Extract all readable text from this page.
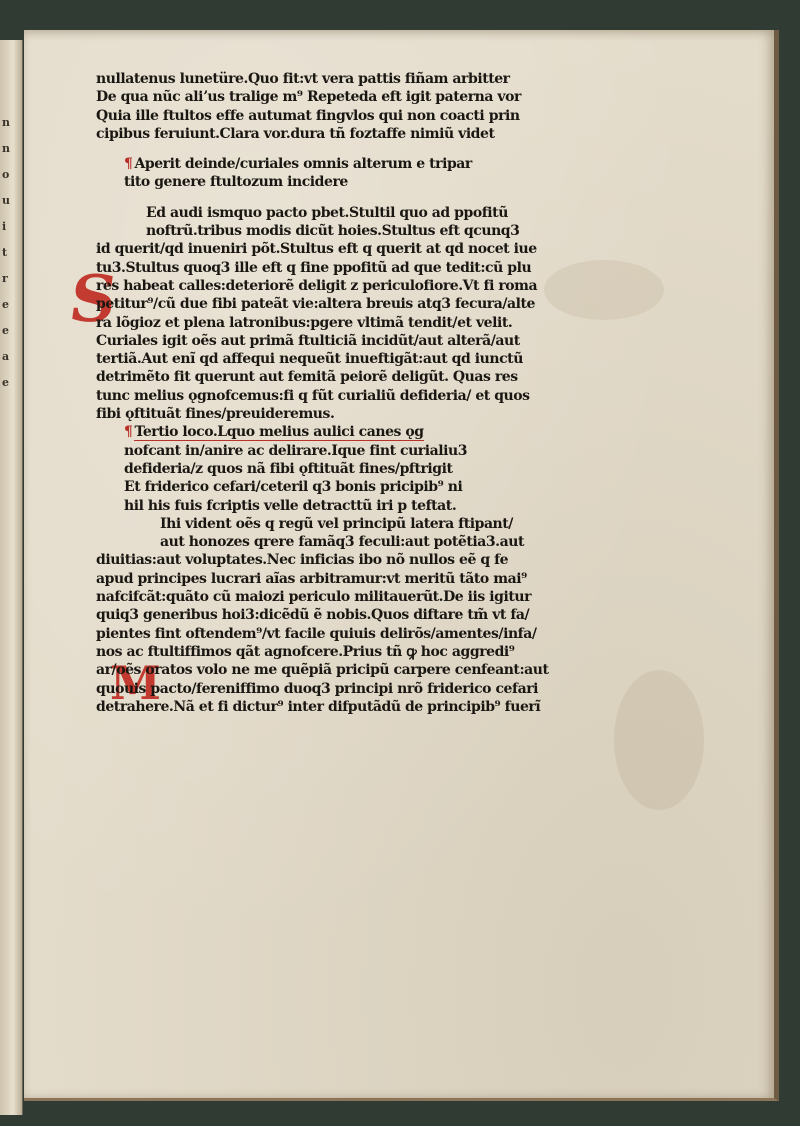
n
n
o
u
i
t
r
e
e
a
e
S
M
nullatenus lunetüre.Quo fit:vt vera pattis fiñam arbitter
De qua nũc aliʼus tralige m⁹ Repeteda eft igit paterna vor
Quia ille ftultos effe autumat fingvlos qui non coacti prin
cipibus feruiunt.Clara vor.dura tñ foztaffe nimiũ videt
¶ Aperit deinde/curiales omnis alterum e tripar
tito genere ftultozum incidere
Ed audi ismquo pacto pbet.Stultil quo ad ppofitũ
noftrũ.tribus modis dicũt hoies.Stultus eft qcunq3
id querit/qd inueniri põt.Stultus eft q querit at qd nocet iue
tu3.Stultus quoq3 ille eft q fine ppofitũ ad que tedit:cũ plu
res habeat calles:deteriorẽ deligit z periculofiore.Vt fi roma
petitur⁹/cũ due fibi pateãt vie:altera breuis atq3 fecura/alte
ra lõgioz et plena latronibus:pgere vltimã tendit/et velit.
Curiales igit oẽs aut primã ftulticiã incidũt/aut alterã/aut
tertiã.Aut enĩ qd affequi nequeũt inueftigãt:aut qd iunctũ
detrimẽto fit querunt aut femitã peiorẽ deligũt. Quas res
tunc melius ǫgnofcemus:fi q fũt curialiũ defideria/ et quos
fibi ǫftituãt fines/preuideremus.
¶ Tertio loco.Lquo melius aulici canes ǫg
nofcant in/anire ac delirare.Ique fint curialiu3
defideria/z quos nã fibi ǫftituãt fines/pftrigit
Et friderico cefari/ceteril q3 bonis pricipib⁹ ni
hil his fuis fcriptis velle detracttũ iri p teftat.
Ihi vident oẽs q regũ vel principũ latera ftipant/
aut honozes qrere famãq3 feculi:aut potẽtia3.aut
diuitias:aut voluptates.Nec inficias ibo nõ nullos eẽ q fe
apud principes lucrari aĩas arbitramur:vt meritũ tãto mai⁹
nafcifcãt:quãto cũ maiozi periculo militauerũt.De iis igitur
quiq3 generibus hoi3:dicẽdũ ẽ nobis.Quos diftare tm̃ vt fa/
pientes fint oftendem⁹/vt facile quiuis delirõs/amentes/infa/
nos ac ftultiffimos qãt agnofcere.Prius tñ ꝙ hoc aggredi⁹
ar/oẽs oratos volo ne me quẽpiã pricipũ carpere cenfeant:aut
quouis pacto/fereniffimo duoq3 principi nrõ friderico cefari
detrahere.Nã et fi dictur⁹ inter difputãdũ de principib⁹ fuerĩ
